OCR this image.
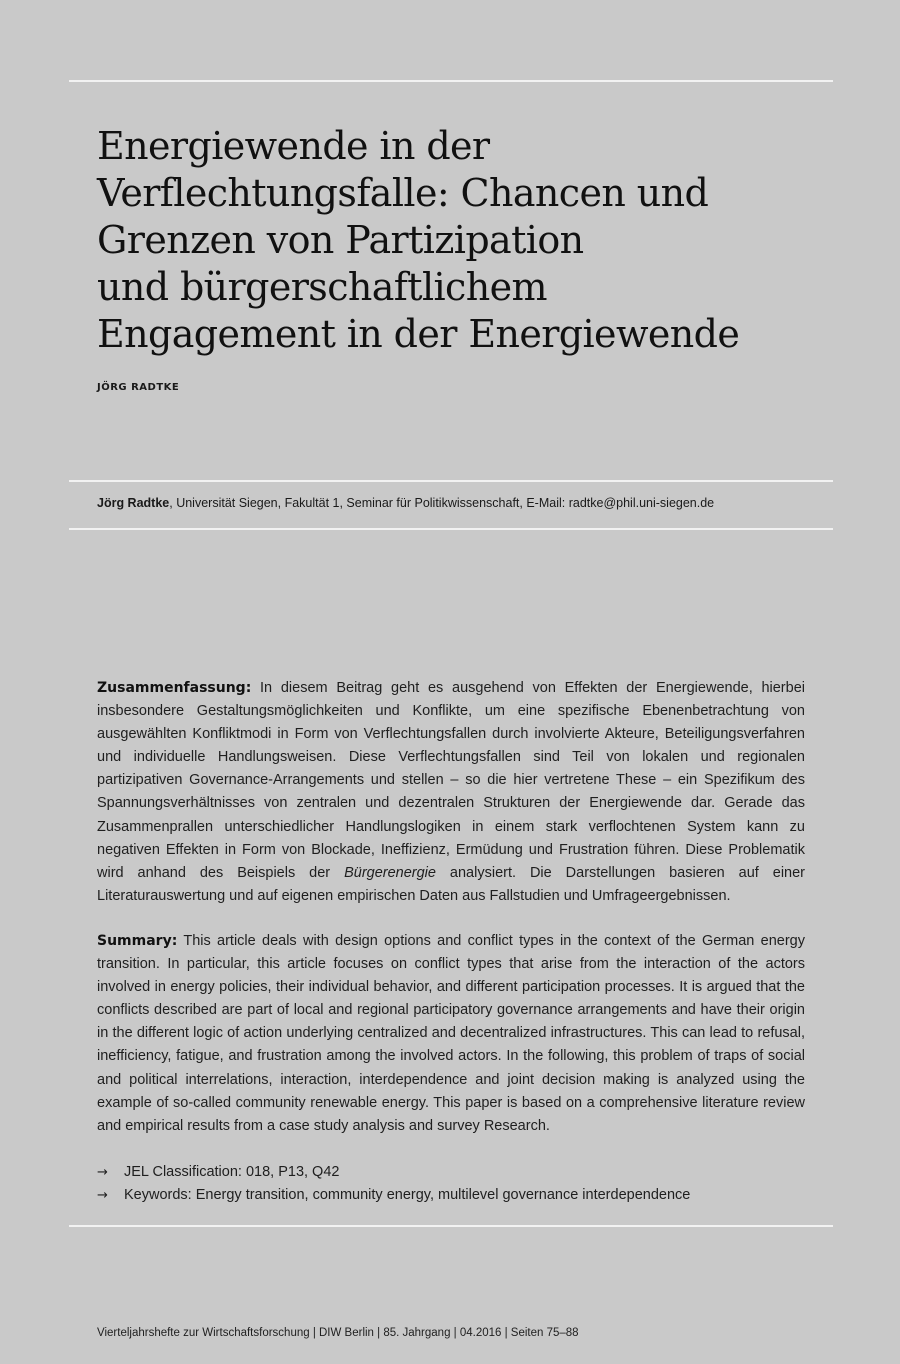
Energiewende in der
Verflechtungsfalle: Chancen und
Grenzen von Partizipation
und bürgerschaftlichem
Engagement in der Energiewende
JÖRG RADTKE
Jörg Radtke, Universität Siegen, Fakultät 1, Seminar für Politikwissenschaft, E-Mail: radtke@phil.uni-siegen.de

Zusammenfassung: In diesem Beitrag geht es ausgehend von Effekten der Energiewende, hierbei insbesondere Gestaltungsmöglichkeiten und Konflikte, um eine spezifische Ebenenbetrachtung von ausgewählten Konfliktmodi in Form von Verflechtungsfallen durch involvierte Akteure, Beteiligungsverfahren und individuelle Handlungsweisen. Diese Verflechtungsfallen sind Teil von lokalen und regionalen partizipativen Governance-Arrangements und stellen – so die hier vertretene These – ein Spezifikum des Spannungsverhältnisses von zentralen und dezentralen Strukturen der Energiewende dar. Gerade das Zusammenprallen unterschiedlicher Handlungslogiken in einem stark verflochtenen System kann zu negativen Effekten in Form von Blockade, Ineffizienz, Ermüdung und Frustration führen. Diese Problematik wird anhand des Beispiels der Bürgerenergie analysiert. Die Darstellungen basieren auf einer Literaturauswertung und auf eigenen empirischen Daten aus Fallstudien und Umfrageergebnissen.

Summary: This article deals with design options and conflict types in the context of the German energy transition. In particular, this article focuses on conflict types that arise from the interaction of the actors involved in energy policies, their individual behavior, and different participation processes. It is argued that the conflicts described are part of local and regional participatory governance arrangements and have their origin in the different logic of action underlying centralized and decentralized infrastructures. This can lead to refusal, inefficiency, fatigue, and frustration among the involved actors. In the following, this problem of traps of social and political interrelations, interaction, interdependence and joint decision making is analyzed using the example of so-called community renewable energy. This paper is based on a comprehensive literature review and empirical results from a case study analysis and survey Research.

→ JEL Classification: 018, P13, Q42
→ Keywords: Energy transition, community energy, multilevel governance interdependence
Vierteljahrshefte zur Wirtschaftsforschung | DIW Berlin | 85. Jahrgang | 04.2016 | Seiten 75–88
